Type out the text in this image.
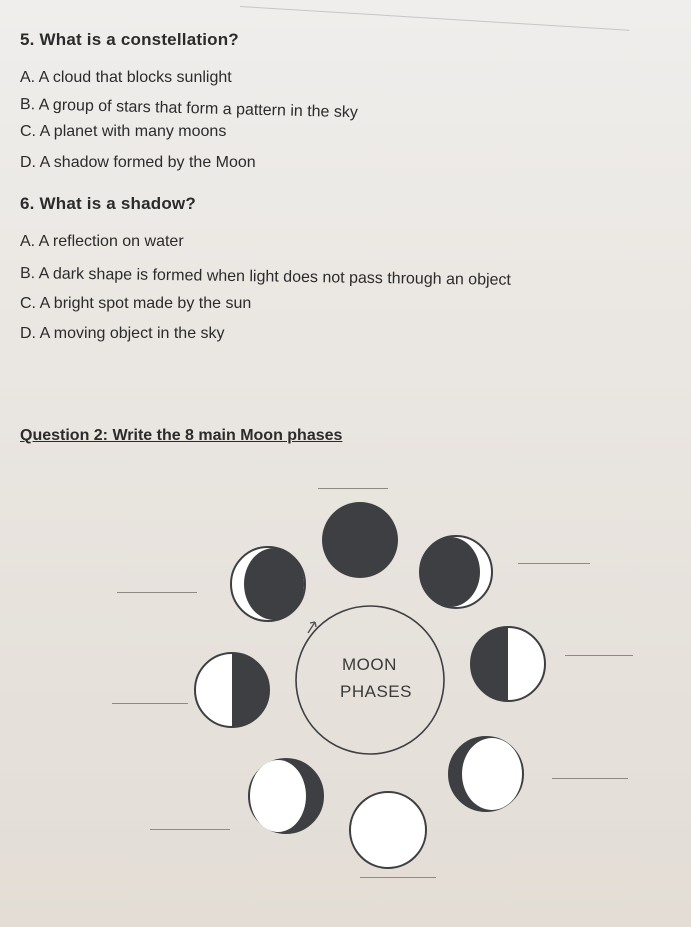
5. What is a constellation?
A. A cloud that blocks sunlight
B. A group of stars that form a pattern in the sky
C. A planet with many moons
D. A shadow formed by the Moon
6. What is a shadow?
A. A reflection on water
B. A dark shape is formed when light does not pass through an object
C. A bright spot made by the sun
D. A moving object in the sky
Question 2: Write the 8 main Moon phases
MOON
PHASES
